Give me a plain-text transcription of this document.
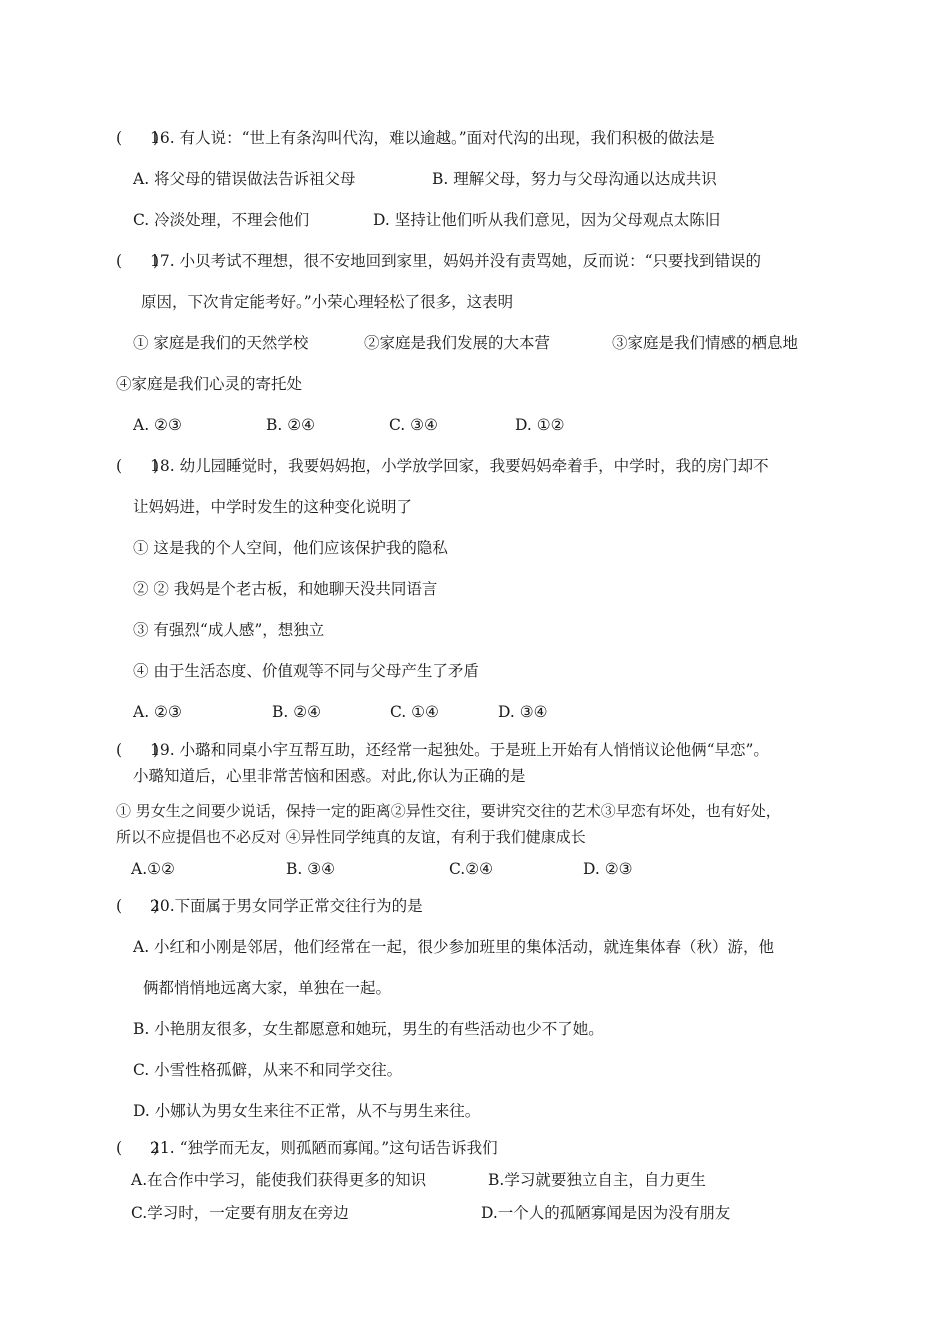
(　　)16. 有人说：“世上有条沟叫代沟，难以逾越。”面对代沟的出现，我们积极的做法是
A. 将父母的错误做法告诉祖父母	B. 理解父母，努力与父母沟通以达成共识
C. 冷淡处理，不理会他们	D. 坚持让他们听从我们意见，因为父母观点太陈旧
(　　)17. 小贝考试不理想，很不安地回到家里，妈妈并没有责骂她，反而说：“只要找到错误的
原因，下次肯定能考好。”小荣心理轻松了很多，这表明
① 家庭是我们的天然学校	②家庭是我们发展的大本营	③家庭是我们情感的栖息地
④家庭是我们心灵的寄托处
A. ②③	B. ②④	C. ③④	D. ①②
(　　)18. 幼儿园睡觉时，我要妈妈抱，小学放学回家，我要妈妈牵着手，中学时，我的房门却不
让妈妈进，中学时发生的这种变化说明了
① 这是我的个人空间，他们应该保护我的隐私
② ② 我妈是个老古板，和她聊天没共同语言
③ 有强烈“成人感”，想独立
④ 由于生活态度、价值观等不同与父母产生了矛盾
A. ②③	B. ②④	C. ①④	D. ③④
(　　)19. 小璐和同桌小宇互帮互助，还经常一起独处。于是班上开始有人悄悄议论他俩“早恋”。
小璐知道后，心里非常苦恼和困惑。对此,你认为正确的是
① 男女生之间要少说话，保持一定的距离②异性交往，要讲究交往的艺术③早恋有坏处，也有好处，
所以不应提倡也不必反对 ④异性同学纯真的友谊，有利于我们健康成长
A.①②	B. ③④	C.②④	D. ②③
(　　)20.下面属于男女同学正常交往行为的是
A. 小红和小刚是邻居，他们经常在一起，很少参加班里的集体活动，就连集体春（秋）游，他
俩都悄悄地远离大家，单独在一起。
B. 小艳朋友很多，女生都愿意和她玩，男生的有些活动也少不了她。
C. 小雪性格孤僻，从来不和同学交往。
D. 小娜认为男女生来往不正常，从不与男生来往。
(　　)21. “独学而无友，则孤陋而寡闻。”这句话告诉我们
A.在合作中学习，能使我们获得更多的知识	B.学习就要独立自主，自力更生
C.学习时，一定要有朋友在旁边	D.一个人的孤陋寡闻是因为没有朋友
